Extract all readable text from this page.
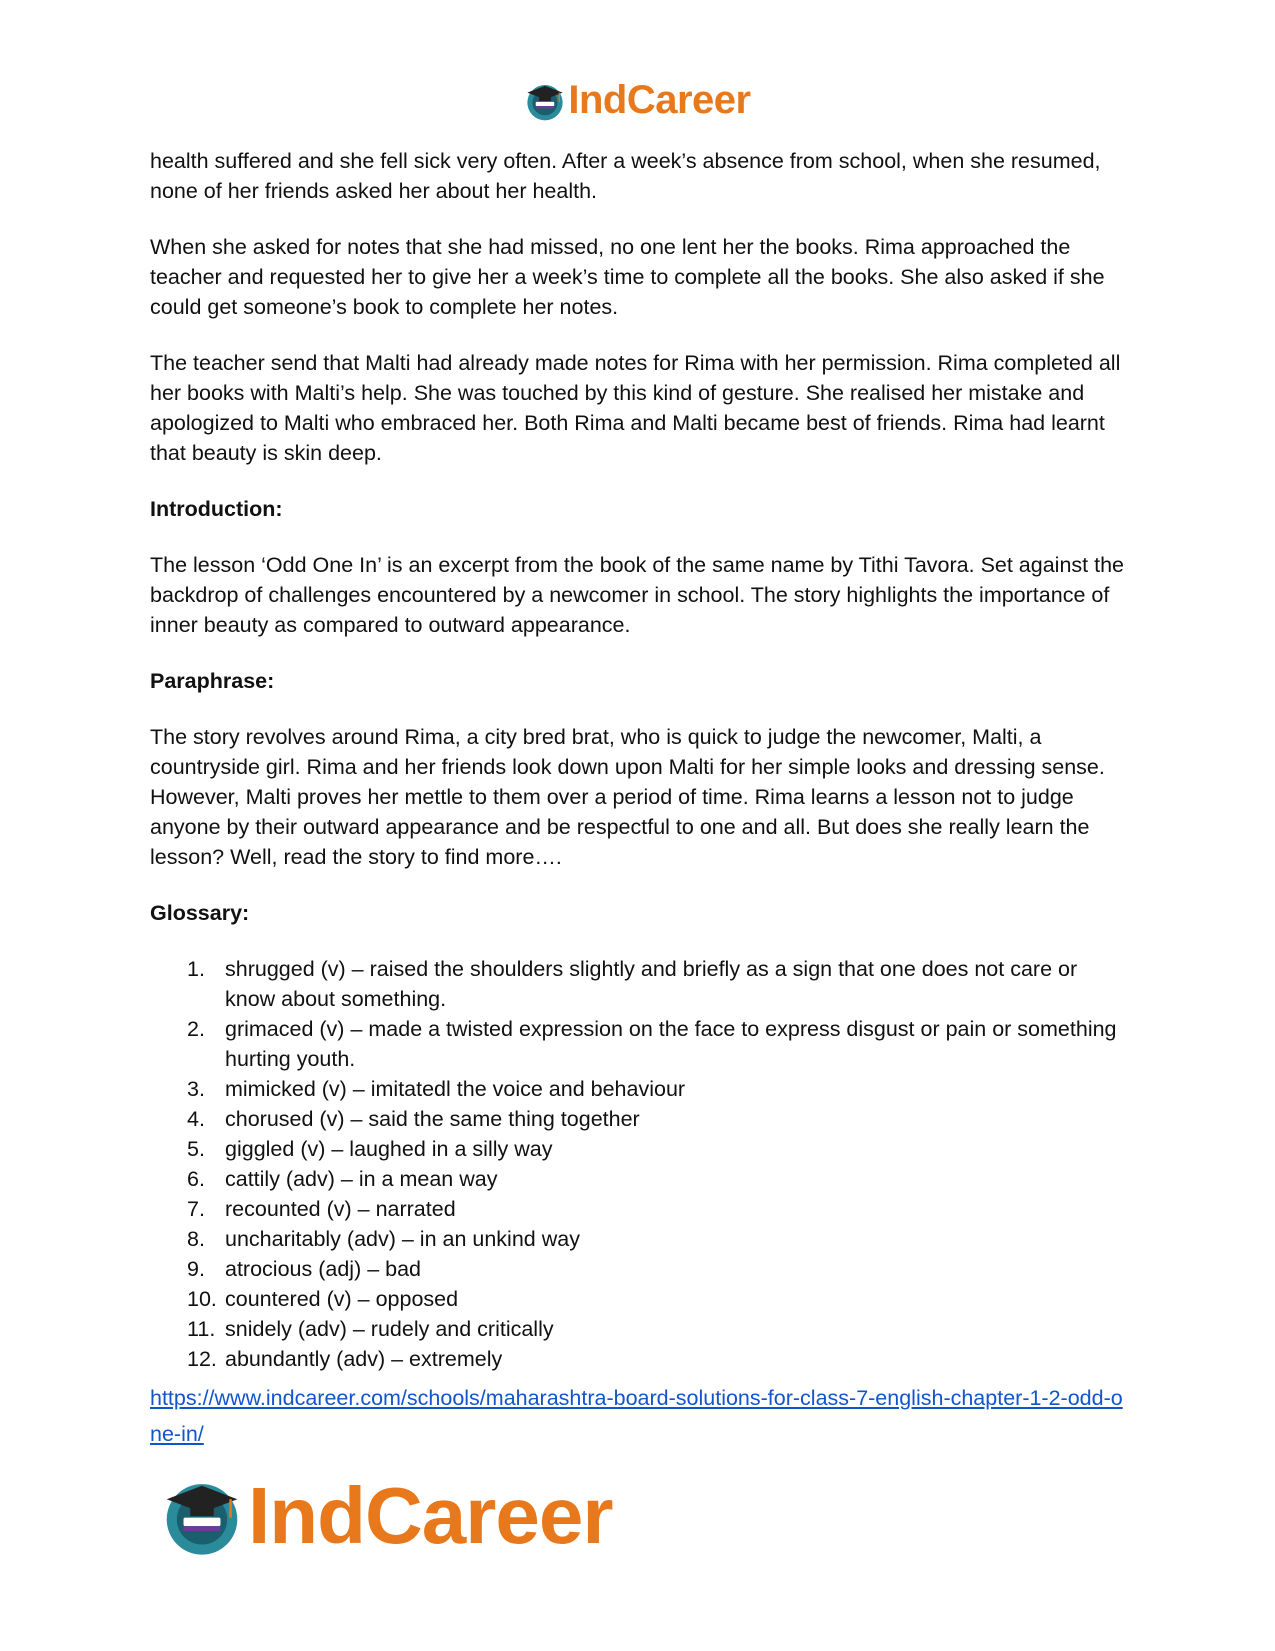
IndCareer

health suffered and she fell sick very often. After a week’s absence from school, when she resumed, none of her friends asked her about her health.

When she asked for notes that she had missed, no one lent her the books. Rima approached the teacher and requested her to give her a week’s time to complete all the books. She also asked if she could get someone’s book to complete her notes.

The teacher send that Malti had already made notes for Rima with her permission. Rima completed all her books with Malti’s help. She was touched by this kind of gesture. She realised her mistake and apologized to Malti who embraced her. Both Rima and Malti became best of friends. Rima had learnt that beauty is skin deep.

Introduction:

The lesson ‘Odd One In’ is an excerpt from the book of the same name by Tithi Tavora. Set against the backdrop of challenges encountered by a newcomer in school. The story highlights the importance of inner beauty as compared to outward appearance.

Paraphrase:

The story revolves around Rima, a city bred brat, who is quick to judge the newcomer, Malti, a countryside girl. Rima and her friends look down upon Malti for her simple looks and dressing sense. However, Malti proves her mettle to them over a period of time. Rima learns a lesson not to judge anyone by their outward appearance and be respectful to one and all. But does she really learn the lesson? Well, read the story to find more….

Glossary:
1. shrugged (v) – raised the shoulders slightly and briefly as a sign that one does not care or know about something.
2. grimaced (v) – made a twisted expression on the face to express disgust or pain or something hurting youth.
3. mimicked (v) – imitatedl the voice and behaviour
4. chorused (v) – said the same thing together
5. giggled (v) – laughed in a silly way
6. cattily (adv) – in a mean way
7. recounted (v) – narrated
8. uncharitably (adv) – in an unkind way
9. atrocious (adj) – bad
10. countered (v) – opposed
11. snidely (adv) – rudely and critically
12. abundantly (adv) – extremely
https://www.indcareer.com/schools/maharashtra-board-solutions-for-class-7-english-chapter-1-2-odd-one-in/
IndCareer
